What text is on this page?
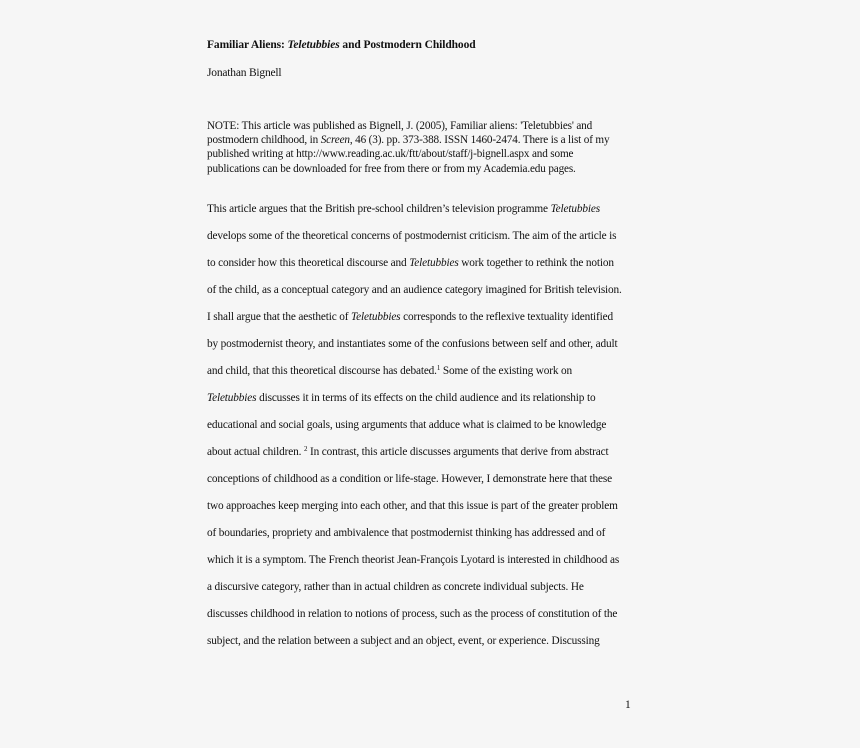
Familiar Aliens: Teletubbies and Postmodern Childhood
Jonathan Bignell
NOTE: This article was published as Bignell, J. (2005), Familiar aliens: 'Teletubbies' and
postmodern childhood, in Screen, 46 (3). pp. 373-388. ISSN 1460-2474. There is a list of my
published writing at http://www.reading.ac.uk/ftt/about/staff/j-bignell.aspx and some
publications can be downloaded for free from there or from my Academia.edu pages.
This article argues that the British pre-school children’s television programme Teletubbies
develops some of the theoretical concerns of postmodernist criticism. The aim of the article is
to consider how this theoretical discourse and Teletubbies work together to rethink the notion
of the child, as a conceptual category and an audience category imagined for British television.
I shall argue that the aesthetic of Teletubbies corresponds to the reflexive textuality identified
by postmodernist theory, and instantiates some of the confusions between self and other, adult
and child, that this theoretical discourse has debated.$^1$ Some of the existing work on
Teletubbies discusses it in terms of its effects on the child audience and its relationship to
educational and social goals, using arguments that adduce what is claimed to be knowledge
about actual children. $^2$ In contrast, this article discusses arguments that derive from abstract
conceptions of childhood as a condition or life-stage. However, I demonstrate here that these
two approaches keep merging into each other, and that this issue is part of the greater problem
of boundaries, propriety and ambivalence that postmodernist thinking has addressed and of
which it is a symptom. The French theorist Jean-François Lyotard is interested in childhood as
a discursive category, rather than in actual children as concrete individual subjects. He
discusses childhood in relation to notions of process, such as the process of constitution of the
subject, and the relation between a subject and an object, event, or experience. Discussing
1
